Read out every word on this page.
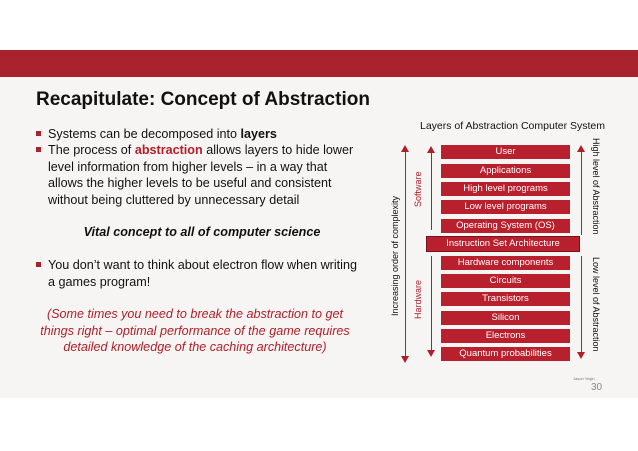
Recapitulate: Concept of Abstraction
Systems can be decomposed into layers
The process of abstraction allows layers to hide lower level information from higher levels – in a way that allows the higher levels to be useful and consistent without being cluttered by unnecessary detail
Vital concept to all of computer science
You don’t want to think about electron flow when writing a games program!
(Some times you need to break the abstraction to get things right – optimal performance of the game requires detailed knowledge of the caching architecture)
Layers of Abstraction Computer System
User
Applications
High level programs
Low level programs
Operating System (OS)
Instruction Set Architecture
Hardware components
Circuits
Transistors
Silicon
Electrons
Quantum probabilities
Increasing order of complexity
Software
Hardware
High level of Abstraction
Low level of Abstraction
Jason Yegin
30
